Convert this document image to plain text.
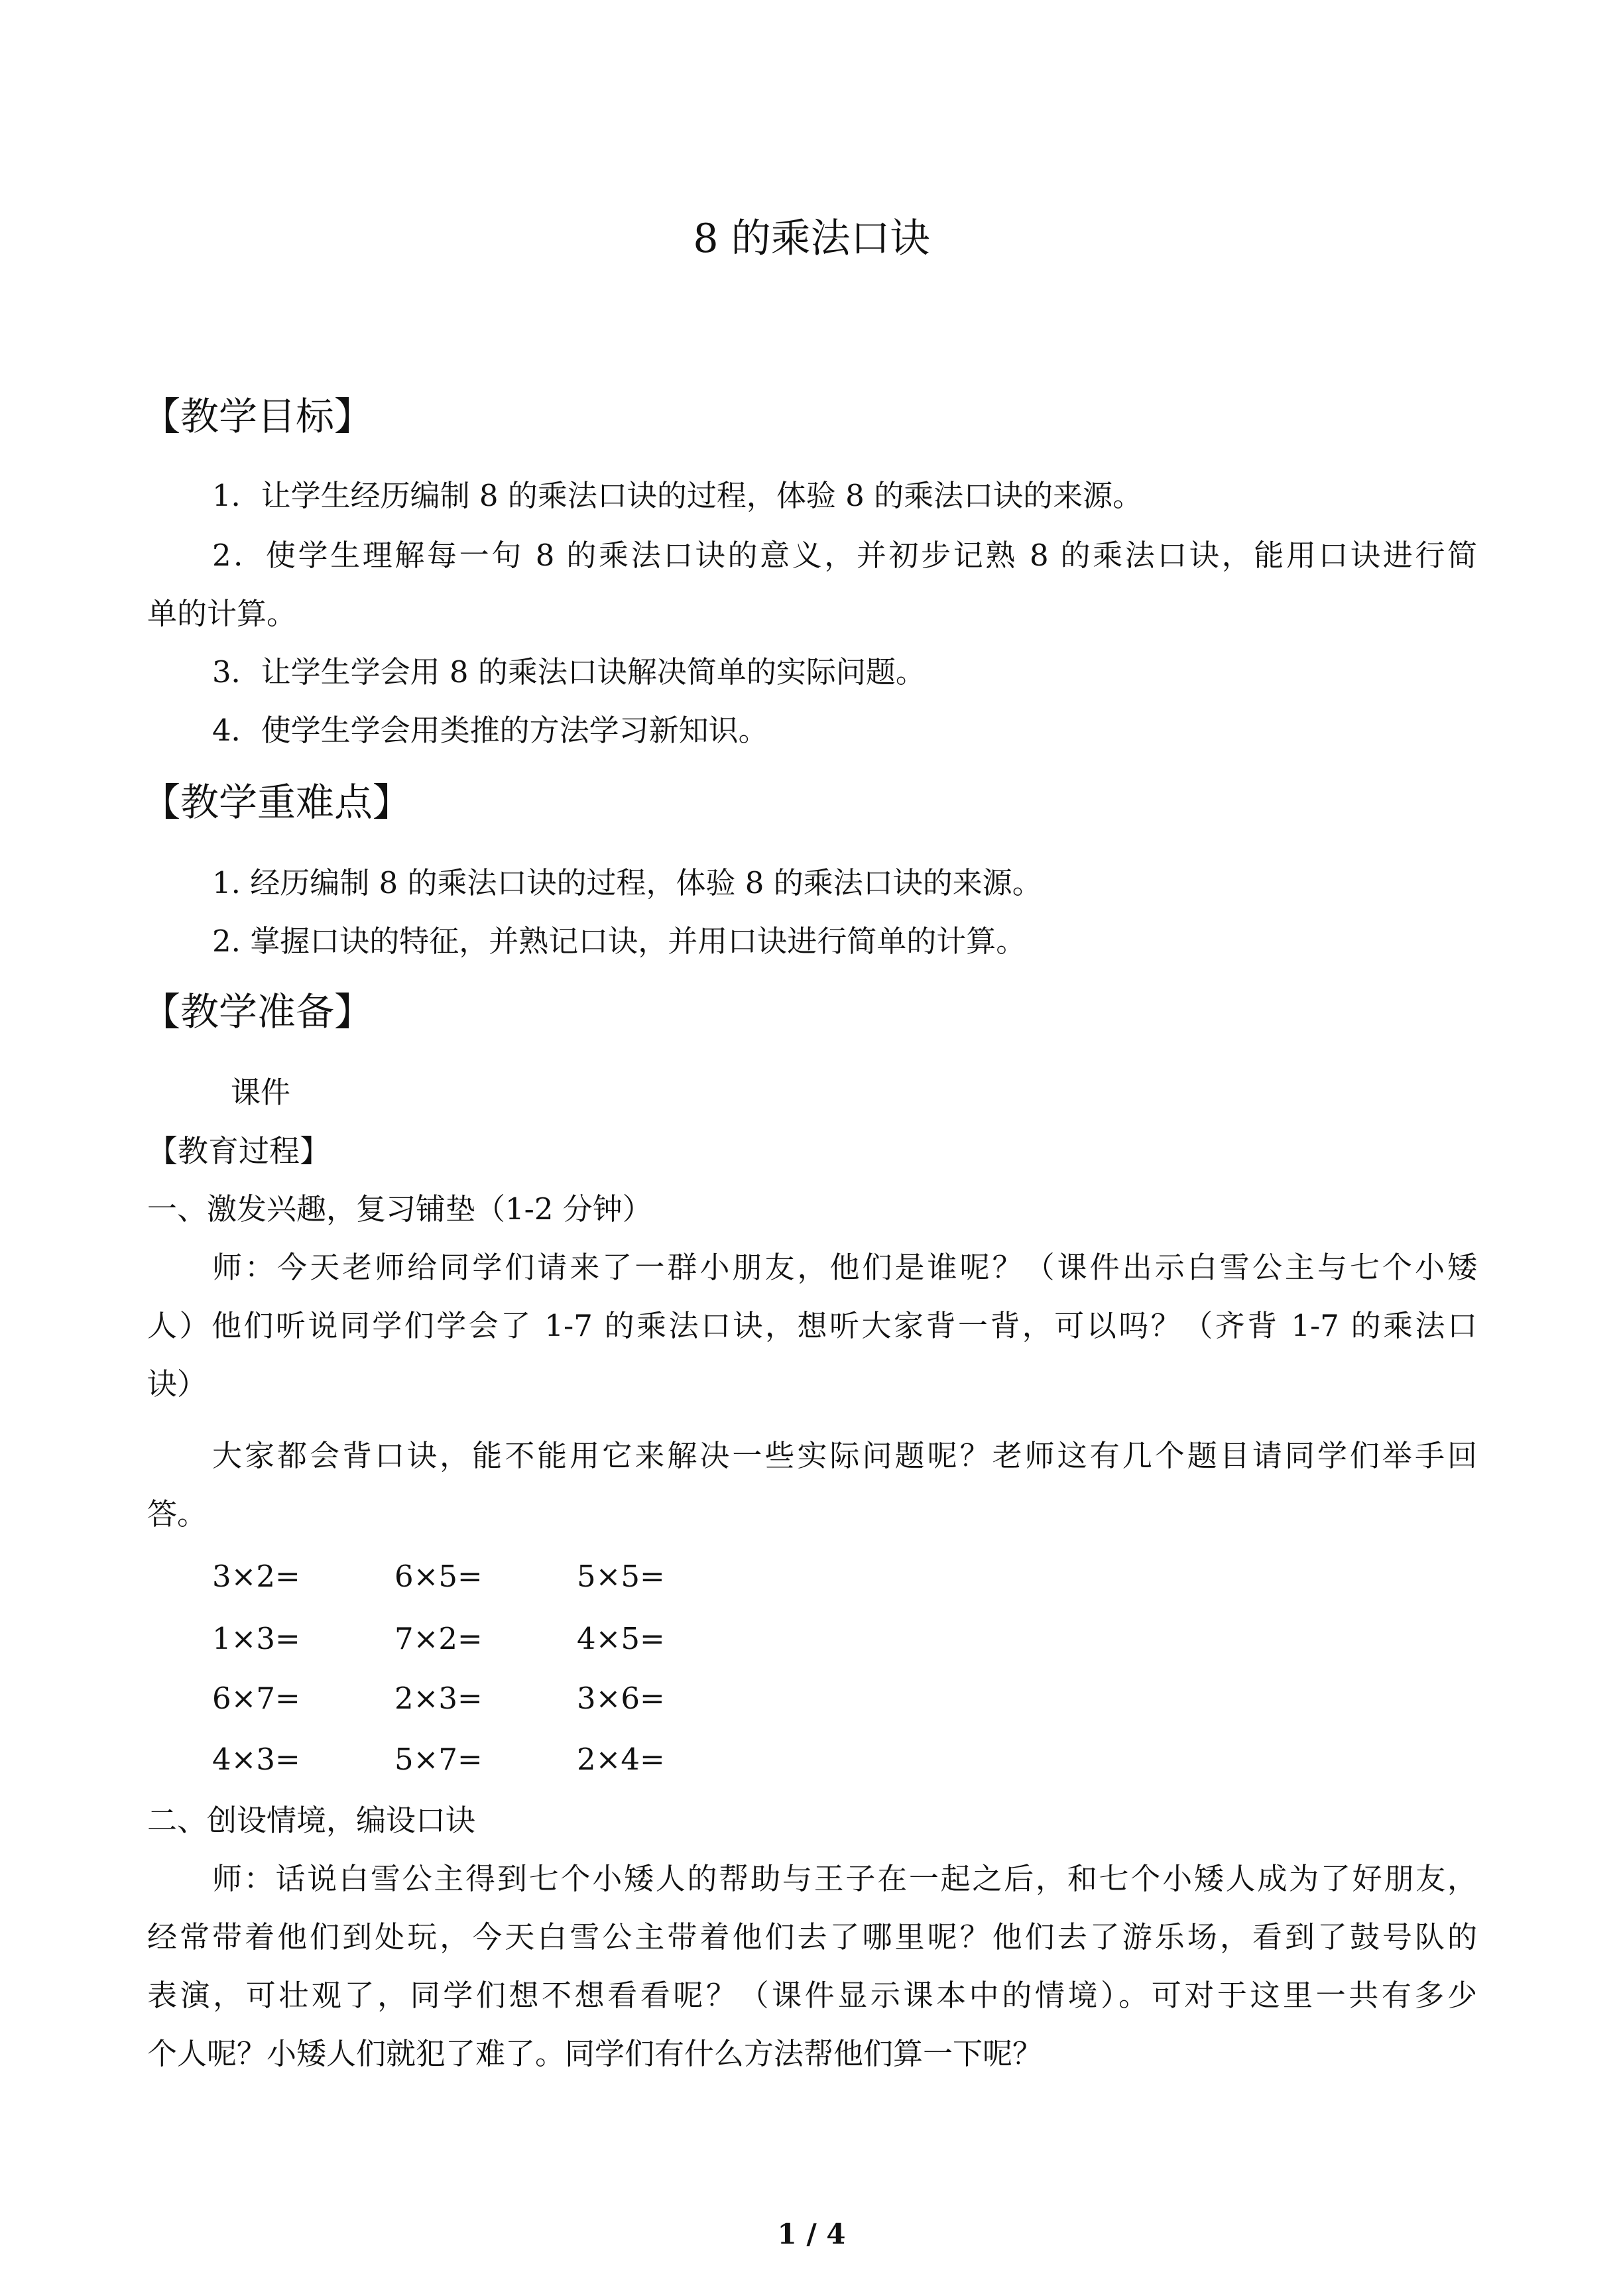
8 的乘法口诀
【教学目标】
1．让学生经历编制 8 的乘法口诀的过程，体验 8 的乘法口诀的来源。
2．使学生理解每一句 8 的乘法口诀的意义，并初步记熟 8 的乘法口诀，能用口诀进行简
单的计算。
3．让学生学会用 8 的乘法口诀解决简单的实际问题。
4．使学生学会用类推的方法学习新知识。
【教学重难点】
1. 经历编制 8 的乘法口诀的过程，体验 8 的乘法口诀的来源。
2. 掌握口诀的特征，并熟记口诀，并用口诀进行简单的计算。
【教学准备】
课件
【教育过程】
一、激发兴趣，复习铺垫（1-2 分钟）
师：今天老师给同学们请来了一群小朋友，他们是谁呢？（课件出示白雪公主与七个小矮
人）他们听说同学们学会了 1-7 的乘法口诀，想听大家背一背，可以吗？（齐背 1-7 的乘法口
诀）
大家都会背口诀，能不能用它来解决一些实际问题呢？老师这有几个题目请同学们举手回
答。
3×2=	6×5=	5×5=
1×3=	7×2=	4×5=
6×7=	2×3=	3×6=
4×3=	5×7=	2×4=
二、创设情境，编设口诀
师：话说白雪公主得到七个小矮人的帮助与王子在一起之后，和七个小矮人成为了好朋友，
经常带着他们到处玩，今天白雪公主带着他们去了哪里呢？他们去了游乐场，看到了鼓号队的
表演，可壮观了，同学们想不想看看呢？（课件显示课本中的情境）。可对于这里一共有多少
个人呢？小矮人们就犯了难了。同学们有什么方法帮他们算一下呢？
1 / 4
